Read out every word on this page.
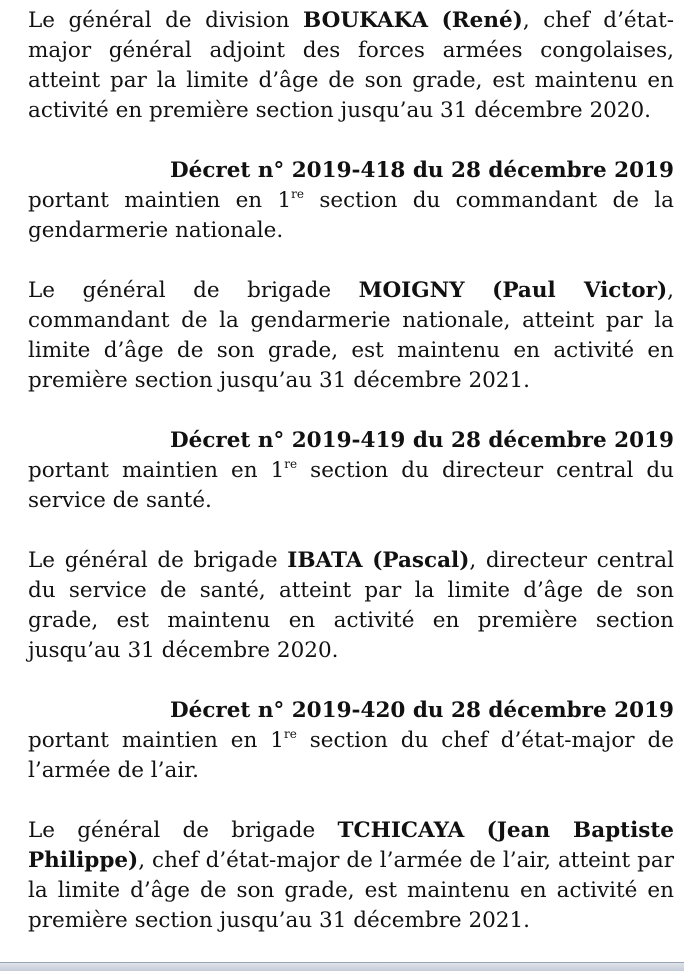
Le général de division BOUKAKA (René), chef d’état-major général adjoint des forces armées congolaises, atteint par la limite d’âge de son grade, est maintenu en activité en première section jusqu’au 31 décembre 2020.

Décret n° 2019-418 du 28 décembre 2019

portant maintien en 1re section du commandant de la gendarmerie nationale.

Le général de brigade MOIGNY (Paul Victor), commandant de la gendarmerie nationale, atteint par la limite d’âge de son grade, est maintenu en activité en première section jusqu’au 31 décembre 2021.

Décret n° 2019-419 du 28 décembre 2019

portant maintien en 1re section du directeur central du service de santé.

Le général de brigade IBATA (Pascal), directeur central du service de santé, atteint par la limite d’âge de son grade, est maintenu en activité en première section jusqu’au 31 décembre 2020.

Décret n° 2019-420 du 28 décembre 2019

portant maintien en 1re section du chef d’état-major de l’armée de l’air.

Le général de brigade TCHICAYA (Jean Baptiste Philippe), chef d’état-major de l’armée de l’air, atteint par la limite d’âge de son grade, est maintenu en activité en première section jusqu’au 31 décembre 2021.
